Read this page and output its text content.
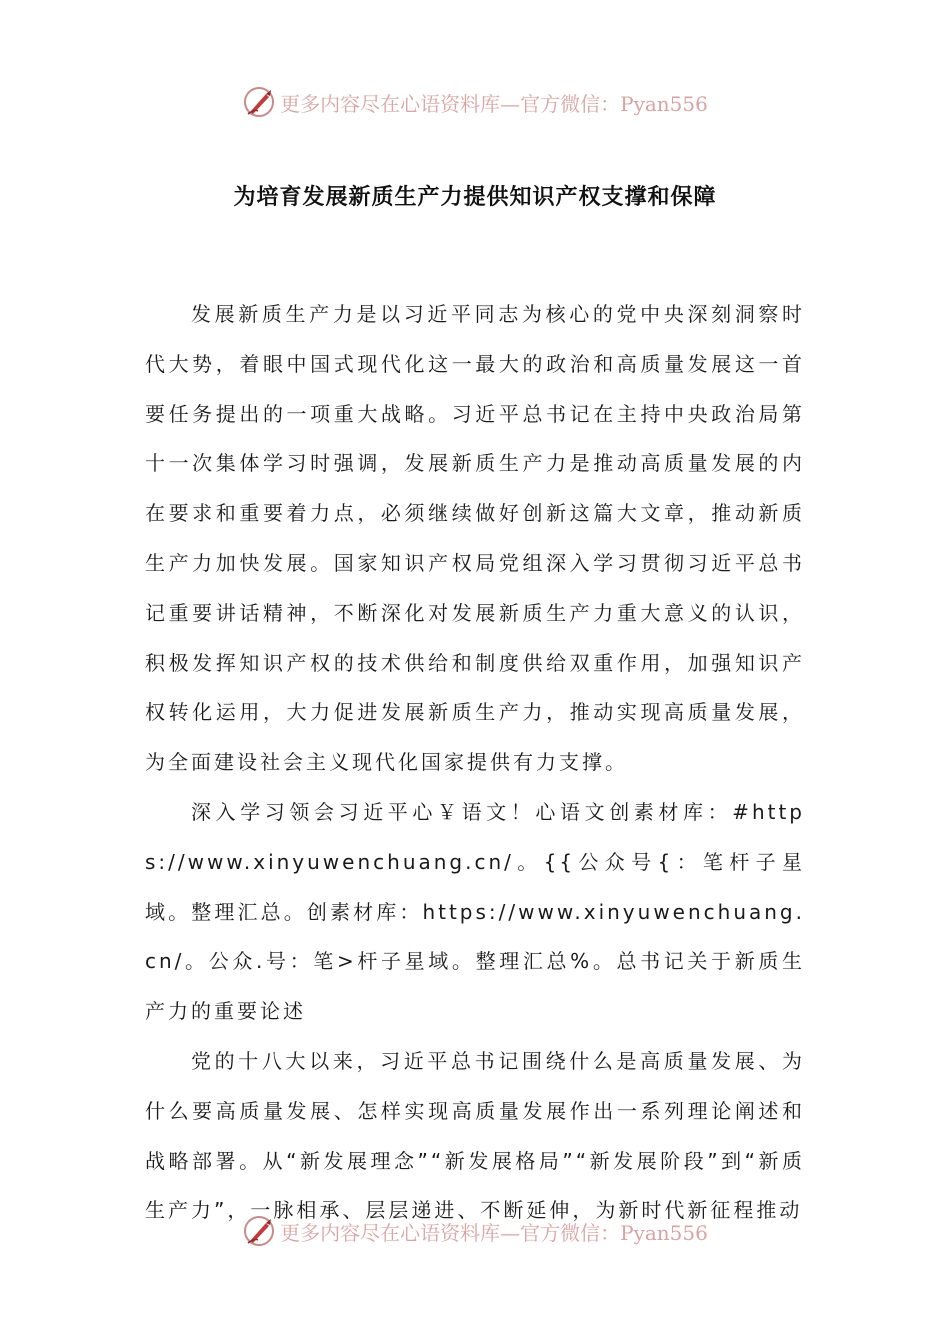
更多内容尽在心语资料库—官方微信：Pyan556
为培育发展新质生产力提供知识产权支撑和保障

发展新质生产力是以习近平同志为核心的党中央深刻洞察时代大势，着眼中国式现代化这一最大的政治和高质量发展这一首要任务提出的一项重大战略。习近平总书记在主持中央政治局第十一次集体学习时强调，发展新质生产力是推动高质量发展的内在要求和重要着力点，必须继续做好创新这篇大文章，推动新质生产力加快发展。国家知识产权局党组深入学习贯彻习近平总书记重要讲话精神，不断深化对发展新质生产力重大意义的认识，积极发挥知识产权的技术供给和制度供给双重作用，加强知识产权转化运用，大力促进发展新质生产力，推动实现高质量发展，为全面建设社会主义现代化国家提供有力支撑。

深入学习领会习近平心￥语文！心语文创素材库：#https://www.xinyuwenchuang.cn/。{{公众号{：笔杆子星域。整理汇总。创素材库：https://www.xinyuwenchuang.cn/。公众.号：笔>杆子星域。整理汇总%。总书记关于新质生产力的重要论述

党的十八大以来，习近平总书记围绕什么是高质量发展、为什么要高质量发展、怎样实现高质量发展作出一系列理论阐述和战略部署。从“新发展理念”“新发展格局”“新发展阶段”到“新质生产力”，一脉相承、层层递进、不断延伸，为新时代新征程推动

更多内容尽在心语资料库—官方微信：Pyan556
